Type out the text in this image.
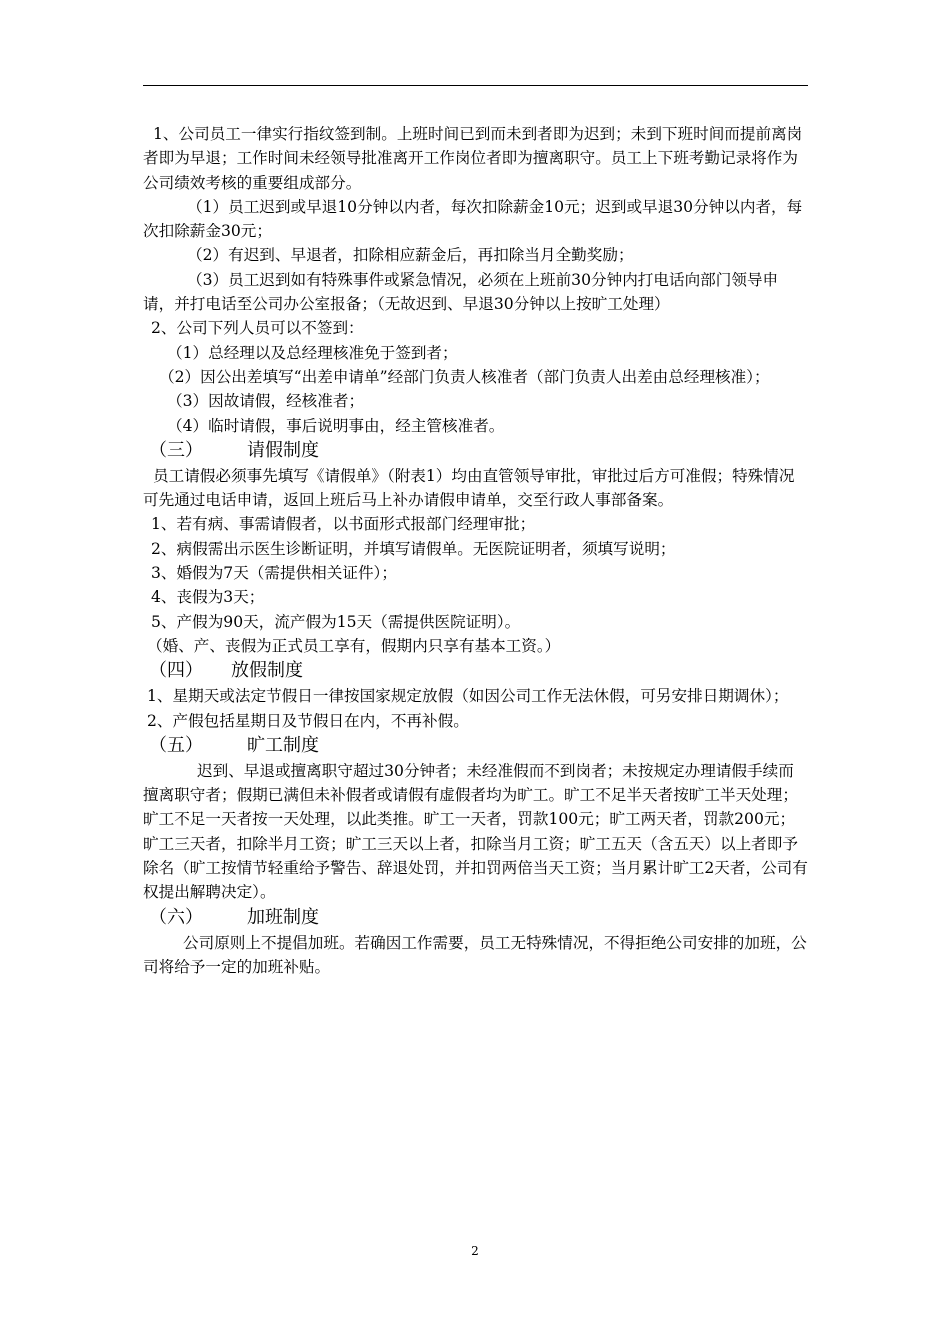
1、公司员工一律实行指纹签到制。上班时间已到而未到者即为迟到；未到下班时间而提前离岗者即为早退；工作时间未经领导批准离开工作岗位者即为擅离职守。员工上下班考勤记录将作为公司绩效考核的重要组成部分。

（1）员工迟到或早退10分钟以内者，每次扣除薪金10元；迟到或早退30分钟以内者，每次扣除薪金30元；

（2）有迟到、早退者，扣除相应薪金后，再扣除当月全勤奖励；

（3）员工迟到如有特殊事件或紧急情况，必须在上班前30分钟内打电话向部门领导申请，并打电话至公司办公室报备；（无故迟到、早退30分钟以上按旷工处理）

2、公司下列人员可以不签到：

（1）总经理以及总经理核准免于签到者；

（2）因公出差填写“出差申请单”经部门负责人核准者（部门负责人出差由总经理核准）；

（3）因故请假，经核准者；

（4）临时请假，事后说明事由，经主管核准者。

（三） 请假制度

员工请假必须事先填写《请假单》（附表1）均由直管领导审批，审批过后方可准假；特殊情况可先通过电话申请，返回上班后马上补办请假申请单，交至行政人事部备案。

1、若有病、事需请假者，以书面形式报部门经理审批；

2、病假需出示医生诊断证明，并填写请假单。无医院证明者，须填写说明；

3、婚假为7天（需提供相关证件）；

4、丧假为3天；

5、产假为90天，流产假为15天（需提供医院证明）。

（婚、产、丧假为正式员工享有，假期内只享有基本工资。）

（四） 放假制度

1、星期天或法定节假日一律按国家规定放假（如因公司工作无法休假，可另安排日期调休）；

2、产假包括星期日及节假日在内，不再补假。

（五） 旷工制度

迟到、早退或擅离职守超过30分钟者；未经准假而不到岗者；未按规定办理请假手续而擅离职守者；假期已满但未补假者或请假有虚假者均为旷工。旷工不足半天者按旷工半天处理；旷工不足一天者按一天处理，以此类推。旷工一天者，罚款100元；旷工两天者，罚款200元；旷工三天者，扣除半月工资；旷工三天以上者，扣除当月工资；旷工五天（含五天）以上者即予除名（旷工按情节轻重给予警告、辞退处罚，并扣罚两倍当天工资；当月累计旷工2天者，公司有权提出解聘决定）。

（六） 加班制度

公司原则上不提倡加班。若确因工作需要，员工无特殊情况，不得拒绝公司安排的加班，公司将给予一定的加班补贴。

2
